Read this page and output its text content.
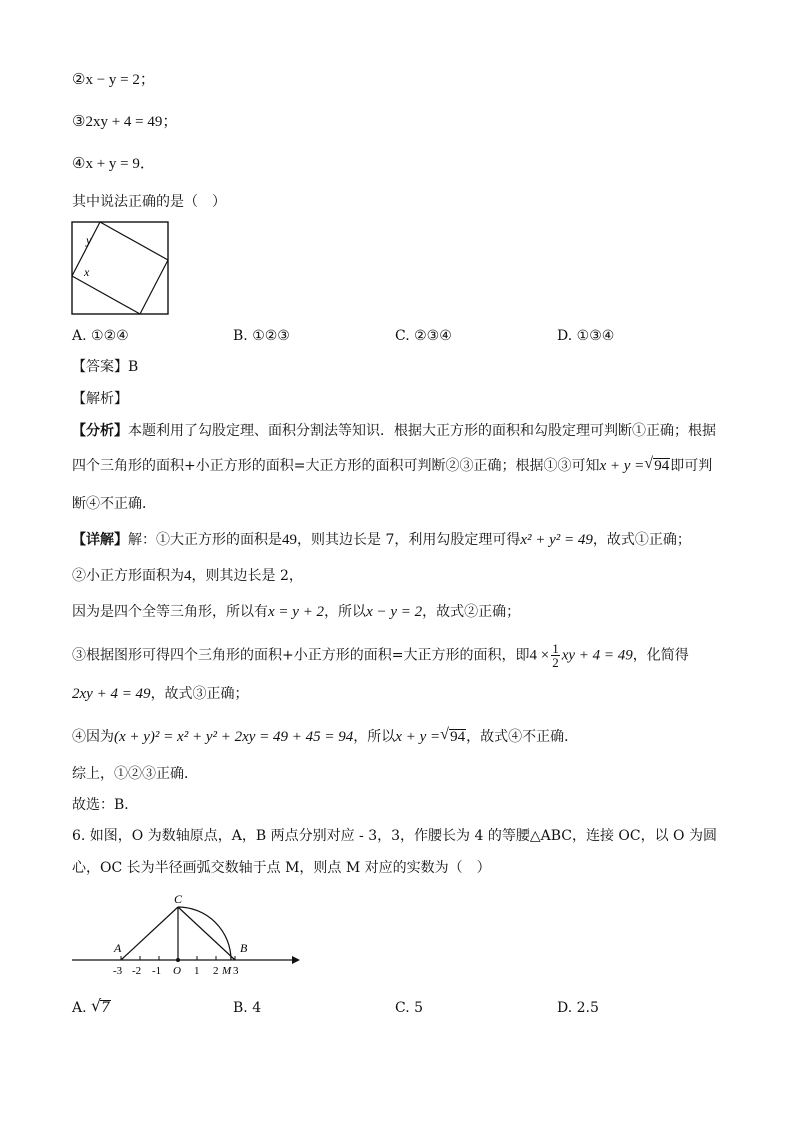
②x − y = 2；
③2xy + 4 = 49；
④x + y = 9．
其中说法正确的是（　）
y
x
A. ①②④	B. ①②③	C. ②③④	D. ①③④
【答案】B
【解析】
【分析】本题利用了勾股定理、面积分割法等知识．根据大正方形的面积和勾股定理可判断①正确；根据
四个三角形的面积+小正方形的面积=大正方形的面积可判断②③正确；根据①③可知x + y = √ 94即可判
断④不正确．
【详解】解：①大正方形的面积是49，则其边长是 7，利用勾股定理可得x² + y² = 49，故式①正确；
②小正方形面积为4，则其边长是 2，
因为是四个全等三角形，所以有x = y + 2，所以x − y = 2，故式②正确；
③根据图形可得四个三角形的面积+小正方形的面积=大正方形的面积，即$4 \times \frac{1}{2}$ xy + 4 = 49，化简得
2xy + 4 = 49，故式③正确；
④因为(x + y)² = x² + y² + 2xy = 49 + 45 = 94，所以x + y = √ 94，故式④不正确．
综上，①②③正确．
故选：B．
6. 如图，O 为数轴原点，A，B 两点分别对应 - 3，3，作腰长为 4 的等腰△ABC，连接 OC，以 O 为圆
心，OC 长为半径画弧交数轴于点 M，则点 M 对应的实数为（　）
C
A	B
-3 -2 -1 O 1 2 M 3
A. √ 7	B. 4	C. 5	D. 2.5
